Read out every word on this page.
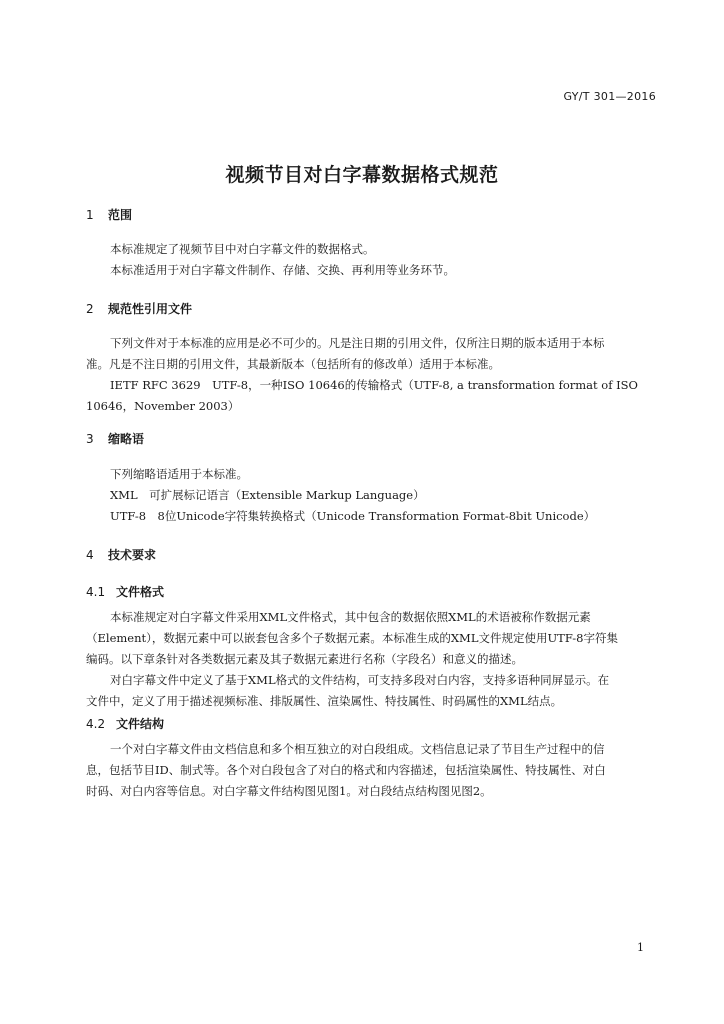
GY/T 301—2016
视频节目对白字幕数据格式规范
1 范围
本标准规定了视频节目中对白字幕文件的数据格式。
本标准适用于对白字幕文件制作、存储、交换、再利用等业务环节。
2 规范性引用文件
下列文件对于本标准的应用是必不可少的。凡是注日期的引用文件，仅所注日期的版本适用于本标
准。凡是不注日期的引用文件，其最新版本（包括所有的修改单）适用于本标准。
IETF RFC 3629　UTF-8，一种ISO 10646的传输格式（UTF-8, a transformation format of ISO
10646，November 2003）
3 缩略语
下列缩略语适用于本标准。
XML　可扩展标记语言（Extensible Markup Language）
UTF-8　8位Unicode字符集转换格式（Unicode Transformation Format-8bit Unicode）
4 技术要求
4.1 文件格式
本标准规定对白字幕文件采用XML文件格式，其中包含的数据依照XML的术语被称作数据元素
（Element），数据元素中可以嵌套包含多个子数据元素。本标准生成的XML文件规定使用UTF-8字符集
编码。以下章条针对各类数据元素及其子数据元素进行名称（字段名）和意义的描述。
对白字幕文件中定义了基于XML格式的文件结构，可支持多段对白内容，支持多语种同屏显示。在
文件中，定义了用于描述视频标准、排版属性、渲染属性、特技属性、时码属性的XML结点。
4.2 文件结构
一个对白字幕文件由文档信息和多个相互独立的对白段组成。文档信息记录了节目生产过程中的信
息，包括节目ID、制式等。各个对白段包含了对白的格式和内容描述，包括渲染属性、特技属性、对白
时码、对白内容等信息。对白字幕文件结构图见图1。对白段结点结构图见图2。
1
